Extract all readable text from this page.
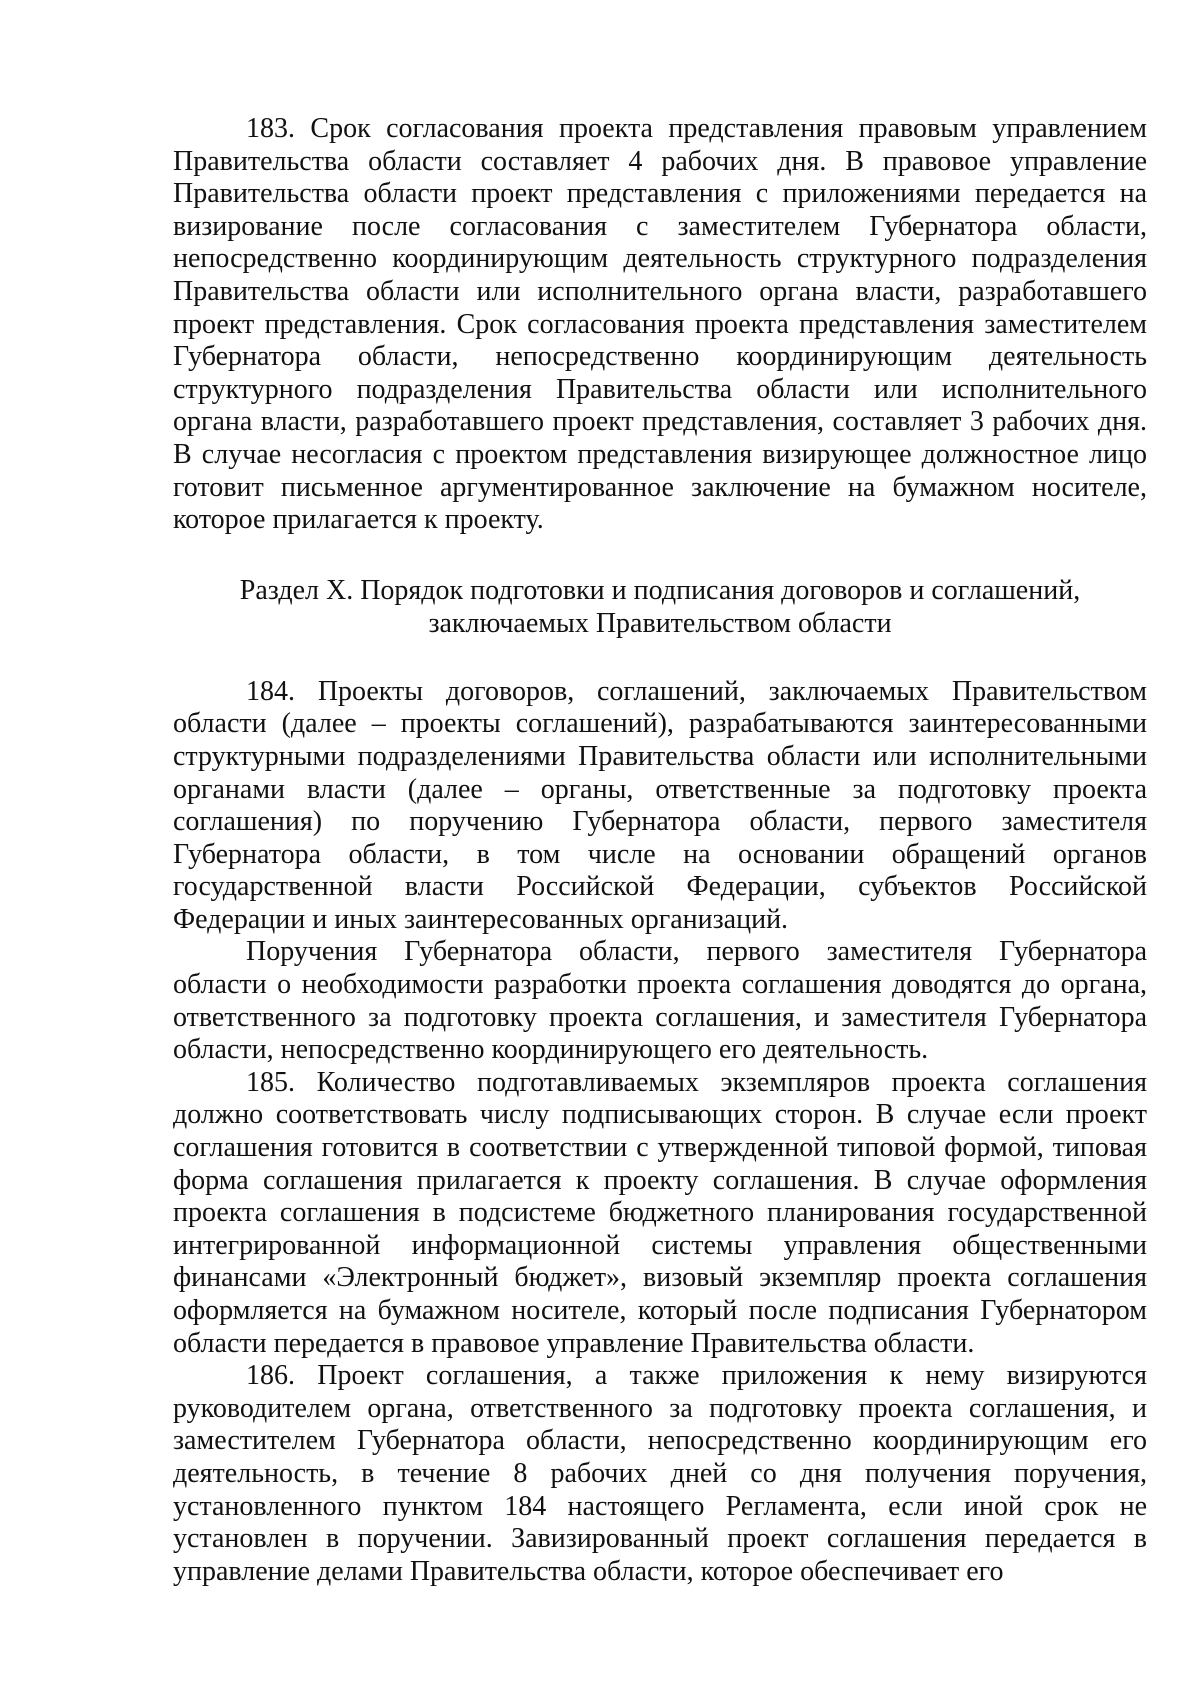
183. Срок согласования проекта представления правовым управлением Правительства области составляет 4 рабочих дня. В правовое управление Правительства области проект представления с приложениями передается на визирование после согласования с заместителем Губернатора области, непосредственно координирующим деятельность структурного подразделения Правительства области или исполнительного органа власти, разработавшего проект представления. Срок согласования проекта представления заместителем Губернатора области, непосредственно координирующим деятельность структурного подразделения Правительства области или исполнительного органа власти, разработавшего проект представления, составляет 3 рабочих дня. В случае несогласия с проектом представления визирующее должностное лицо готовит письменное аргументированное заключение на бумажном носителе, которое прилагается к проекту.

Раздел X. Порядок подготовки и подписания договоров и соглашений,
заключаемых Правительством области

184. Проекты договоров, соглашений, заключаемых Правительством области (далее – проекты соглашений), разрабатываются заинтересованными структурными подразделениями Правительства области или исполнительными органами власти (далее – органы, ответственные за подготовку проекта соглашения) по поручению Губернатора области, первого заместителя Губернатора области, в том числе на основании обращений органов государственной власти Российской Федерации, субъектов Российской Федерации и иных заинтересованных организаций.

Поручения Губернатора области, первого заместителя Губернатора области о необходимости разработки проекта соглашения доводятся до органа, ответственного за подготовку проекта соглашения, и заместителя Губернатора области, непосредственно координирующего его деятельность.

185. Количество подготавливаемых экземпляров проекта соглашения должно соответствовать числу подписывающих сторон. В случае если проект соглашения готовится в соответствии с утвержденной типовой формой, типовая форма соглашения прилагается к проекту соглашения. В случае оформления проекта соглашения в подсистеме бюджетного планирования государственной интегрированной информационной системы управления общественными финансами «Электронный бюджет», визовый экземпляр проекта соглашения оформляется на бумажном носителе, который после подписания Губернатором области передается в правовое управление Правительства области.

186. Проект соглашения, а также приложения к нему визируются руководителем органа, ответственного за подготовку проекта соглашения, и заместителем Губернатора области, непосредственно координирующим его деятельность, в течение 8 рабочих дней со дня получения поручения, установленного пунктом 184 настоящего Регламента, если иной срок не установлен в поручении. Завизированный проект соглашения передается в управление делами Правительства области, которое обеспечивает его
